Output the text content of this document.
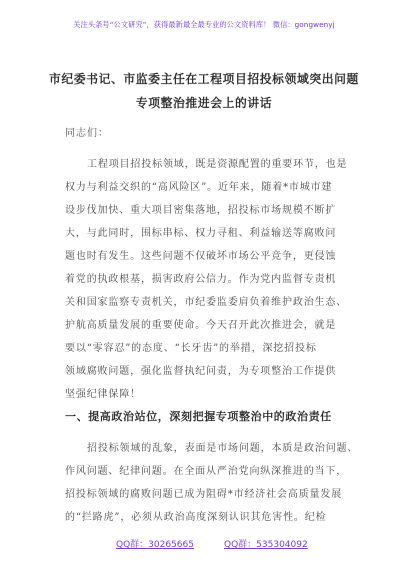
关注头条号“公文研究”，获得最新最全最专业的公文资料库！ 微信：gongwenyj
市纪委书记、市监委主任在工程项目招投标领域突出问题
专项整治推进会上的讲话
同志们：
工程项目招投标领域，既是资源配置的重要环节，也是
权力与利益交织的“高风险区”。近年来，随着*市城市建
设步伐加快、重大项目密集落地，招投标市场规模不断扩
大，与此同时，围标串标、权力寻租、利益输送等腐败问
题也时有发生。这些问题不仅破坏市场公平竞争，更侵蚀
着党的执政根基，损害政府公信力。作为党内监督专责机
关和国家监察专责机关，市纪委监委肩负着维护政治生态、
护航高质量发展的重要使命。今天召开此次推进会，就是
要以“零容忍”的态度、“长牙齿”的举措，深挖招投标
领域腐败问题，强化监督执纪问责，为专项整治工作提供
坚强纪律保障！
一、提高政治站位，深刻把握专项整治中的政治责任
招投标领域的乱象，表面是市场问题，本质是政治问题、
作风问题、纪律问题。在全面从严治党向纵深推进的当下，
招投标领域的腐败问题已成为阻碍*市经济社会高质量发展
的“拦路虎”，必须从政治高度深刻认识其危害性。纪检
QQ群：30265665	QQ群：535304092
